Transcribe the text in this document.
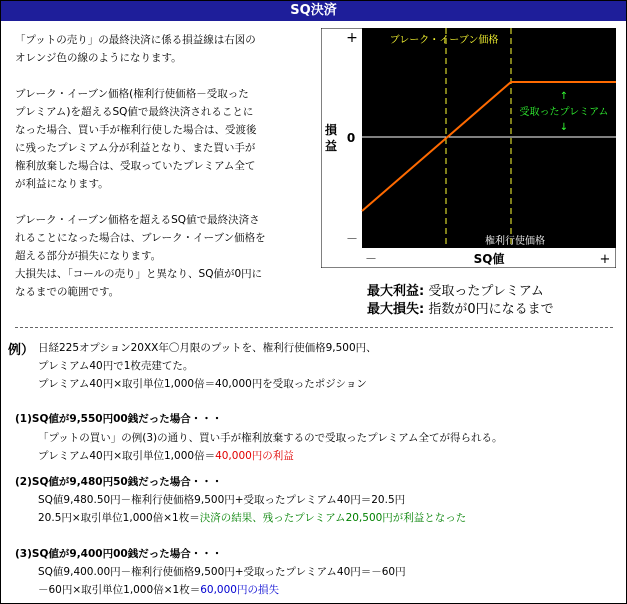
SQ決済
「プットの売り」の最終決済に係る損益線は右図の
オレンジ色の線のようになります。
ブレーク・イーブン価格(権利行使価格－受取った
プレミアム)を超えるSQ値で最終決済されることに
なった場合、買い手が権利行使した場合は、受渡後
に残ったプレミアム分が利益となり、また買い手が
権利放棄した場合は、受取っていたプレミアム全て
が利益になります。
ブレーク・イーブン価格を超えるSQ値で最終決済さ
れることになった場合は、ブレーク・イーブン価格を
超える部分が損失になります。
大損失は、「コールの売り」と異なり、SQ値が0円に
なるまでの範囲です。
+
0
－
損
益
ブレーク・イーブン価格
↑
受取ったプレミアム
↓
権利行使価格
－	SQ値	+
最大利益: 受取ったプレミアム
最大損失: 指数が0円になるまで
例） 日経225オプション20XX年〇月限のプットを、権利行使価格9,500円、
プレミアム40円で1枚売建てた。
プレミアム40円×取引単位1,000倍＝40,000円を受取ったポジション
(1)SQ値が9,550円00銭だった場合・・・
「プットの買い」の例(3)の通り、買い手が権利放棄するので受取ったプレミアム全てが得られる。
プレミアム40円×取引単位1,000倍＝40,000円の利益
(2)SQ値が9,480円50銭だった場合・・・
SQ値9,480.50円－権利行使価格9,500円+受取ったプレミアム40円＝20.5円
20.5円×取引単位1,000倍×1枚＝決済の結果、残ったプレミアム20,500円が利益となった
(3)SQ値が9,400円00銭だった場合・・・
SQ値9,400.00円－権利行使価格9,500円+受取ったプレミアム40円＝－60円
－60円×取引単位1,000倍×1枚＝60,000円の損失
